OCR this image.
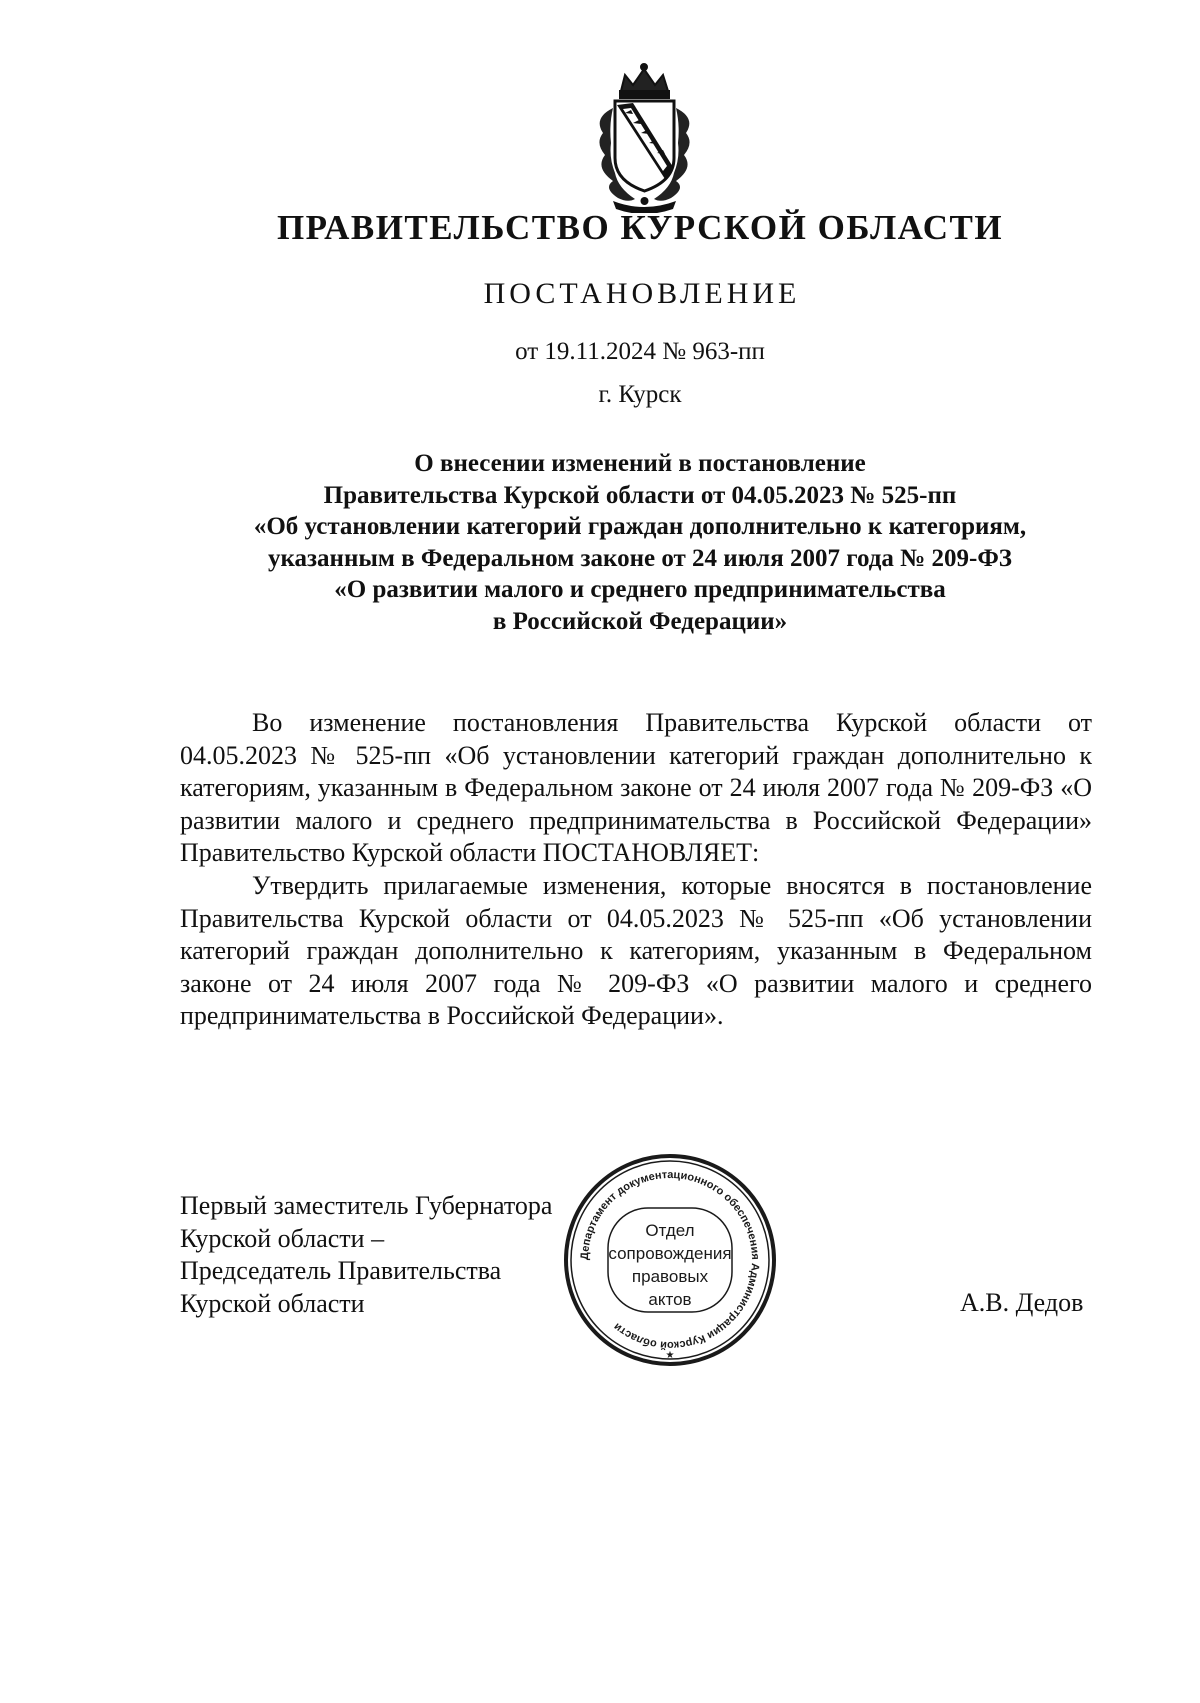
ПРАВИТЕЛЬСТВО КУРСКОЙ ОБЛАСТИ
ПОСТАНОВЛЕНИЕ
от 19.11.2024 № 963-пп
г. Курск
О внесении изменений в постановление
Правительства Курской области от 04.05.2023 № 525-пп
«Об установлении категорий граждан дополнительно к категориям,
указанным в Федеральном законе от 24 июля 2007 года № 209-ФЗ
«О развитии малого и среднего предпринимательства
в Российской Федерации»

Во изменение постановления Правительства Курской области от 04.05.2023 № 525-пп «Об установлении категорий граждан дополнительно к категориям, указанным в Федеральном законе от 24 июля 2007 года № 209-ФЗ «О развитии малого и среднего предпринимательства в Российской Федерации» Правительство Курской области ПОСТАНОВЛЯЕТ:

Утвердить прилагаемые изменения, которые вносятся в постановление Правительства Курской области от 04.05.2023 № 525-пп «Об установлении категорий граждан дополнительно к категориям, указанным в Федеральном законе от 24 июля 2007 года № 209-ФЗ «О развитии малого и среднего предпринимательства в Российской Федерации».

Первый заместитель Губернатора
Курской области –
Председатель Правительства
Курской области
Департамент документационного обеспечения Администрации Курской области
Отдел
сопровождения
правовых
актов
★
А.В. Дедов
